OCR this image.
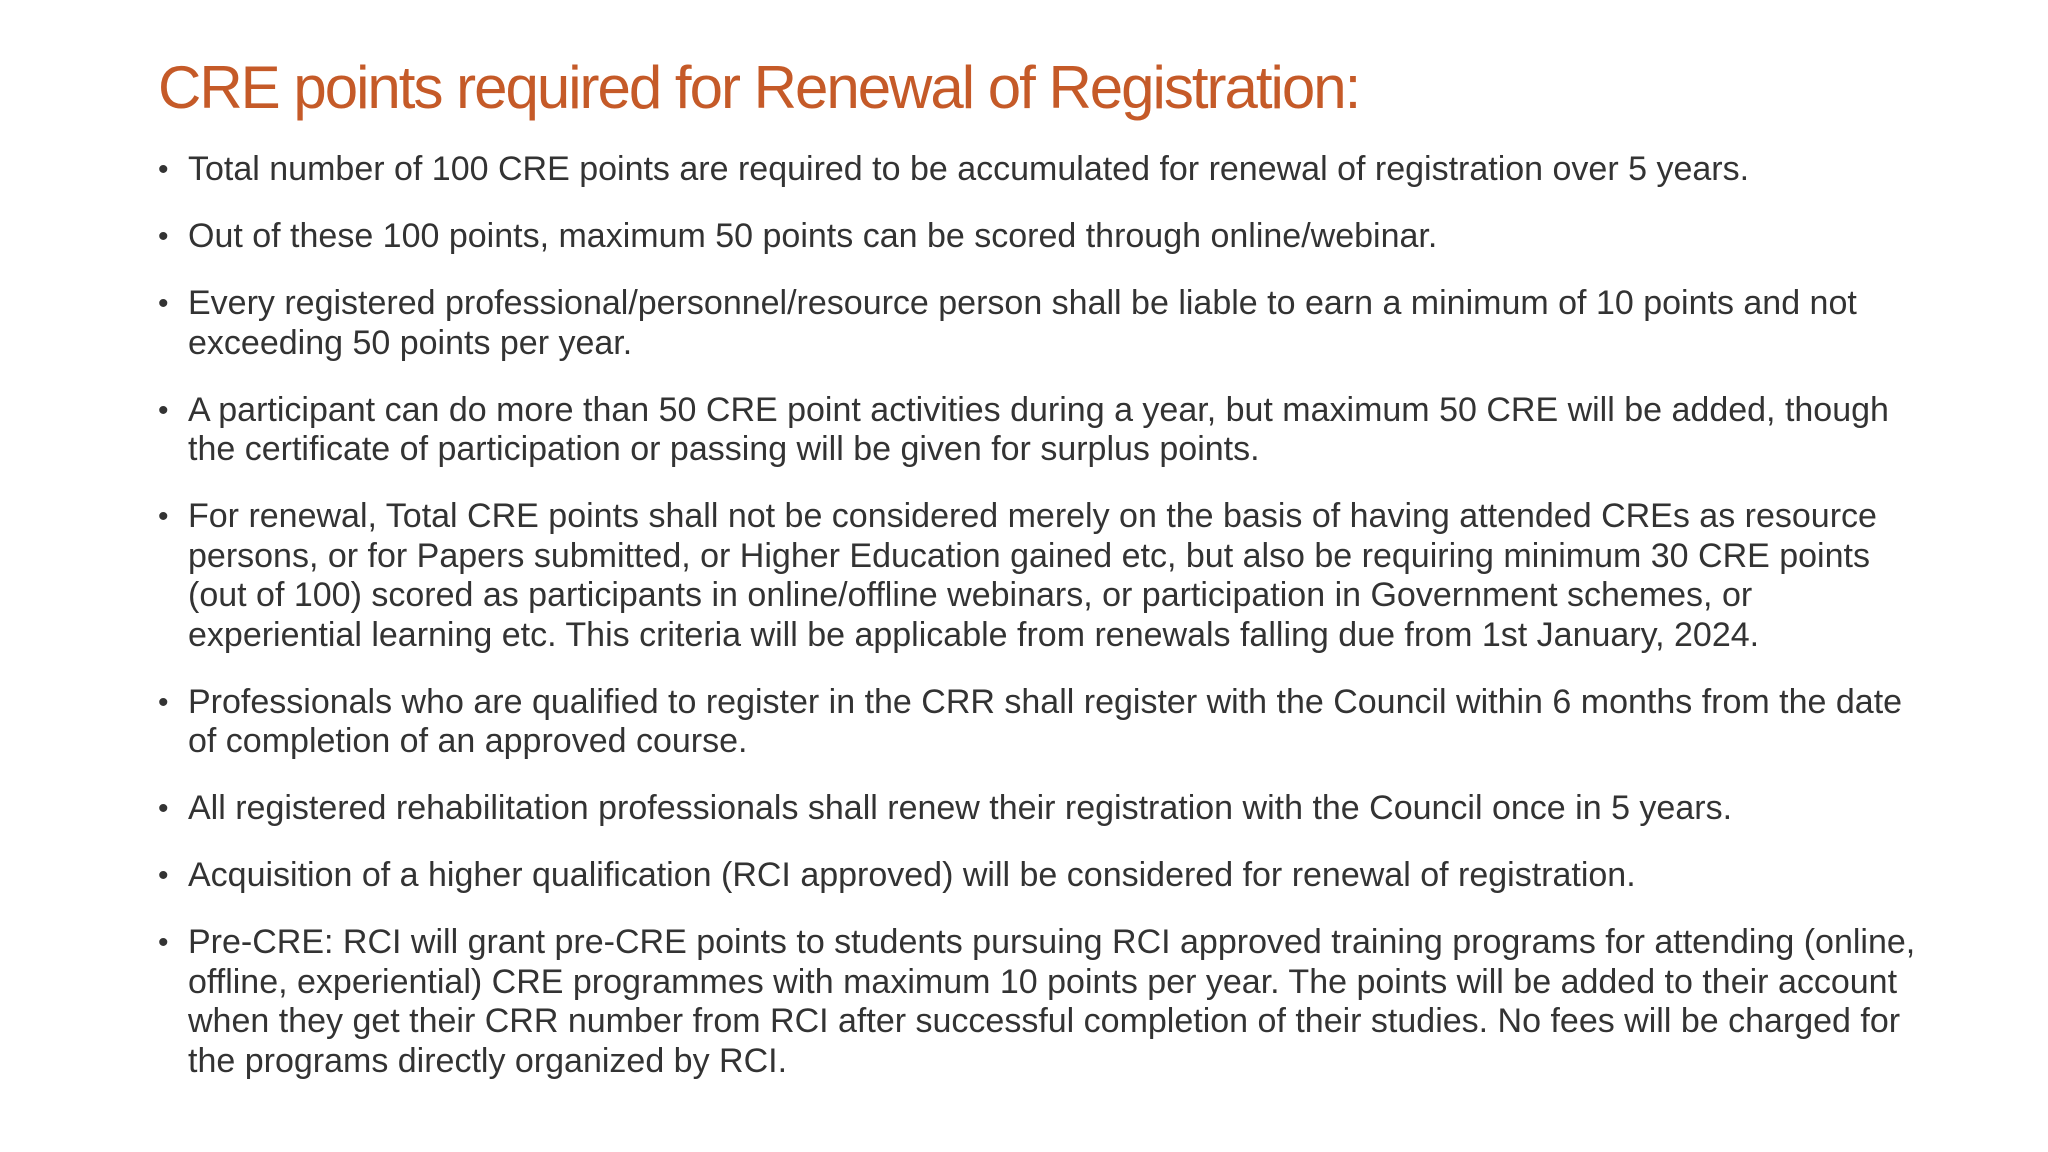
CRE points required for Renewal of Registration:
• Total number of 100 CRE points are required to be accumulated for renewal of registration over 5 years.
• Out of these 100 points, maximum 50 points can be scored through online/webinar.
• Every registered professional/personnel/resource person shall be liable to earn a minimum of 10 points and not exceeding 50 points per year.
• A participant can do more than 50 CRE point activities during a year, but maximum 50 CRE will be added, though the certificate of participation or passing will be given for surplus points.
• For renewal, Total CRE points shall not be considered merely on the basis of having attended CREs as resource persons, or for Papers submitted, or Higher Education gained etc, but also be requiring minimum 30 CRE points (out of 100) scored as participants in online/offline webinars, or participation in Government schemes, or experiential learning etc. This criteria will be applicable from renewals falling due from 1st January, 2024.
• Professionals who are qualified to register in the CRR shall register with the Council within 6 months from the date of completion of an approved course.
• All registered rehabilitation professionals shall renew their registration with the Council once in 5 years.
• Acquisition of a higher qualification (RCI approved) will be considered for renewal of registration.
• Pre-CRE: RCI will grant pre-CRE points to students pursuing RCI approved training programs for attending (online, offline, experiential) CRE programmes with maximum 10 points per year. The points will be added to their account when they get their CRR number from RCI after successful completion of their studies. No fees will be charged for the programs directly organized by RCI.
